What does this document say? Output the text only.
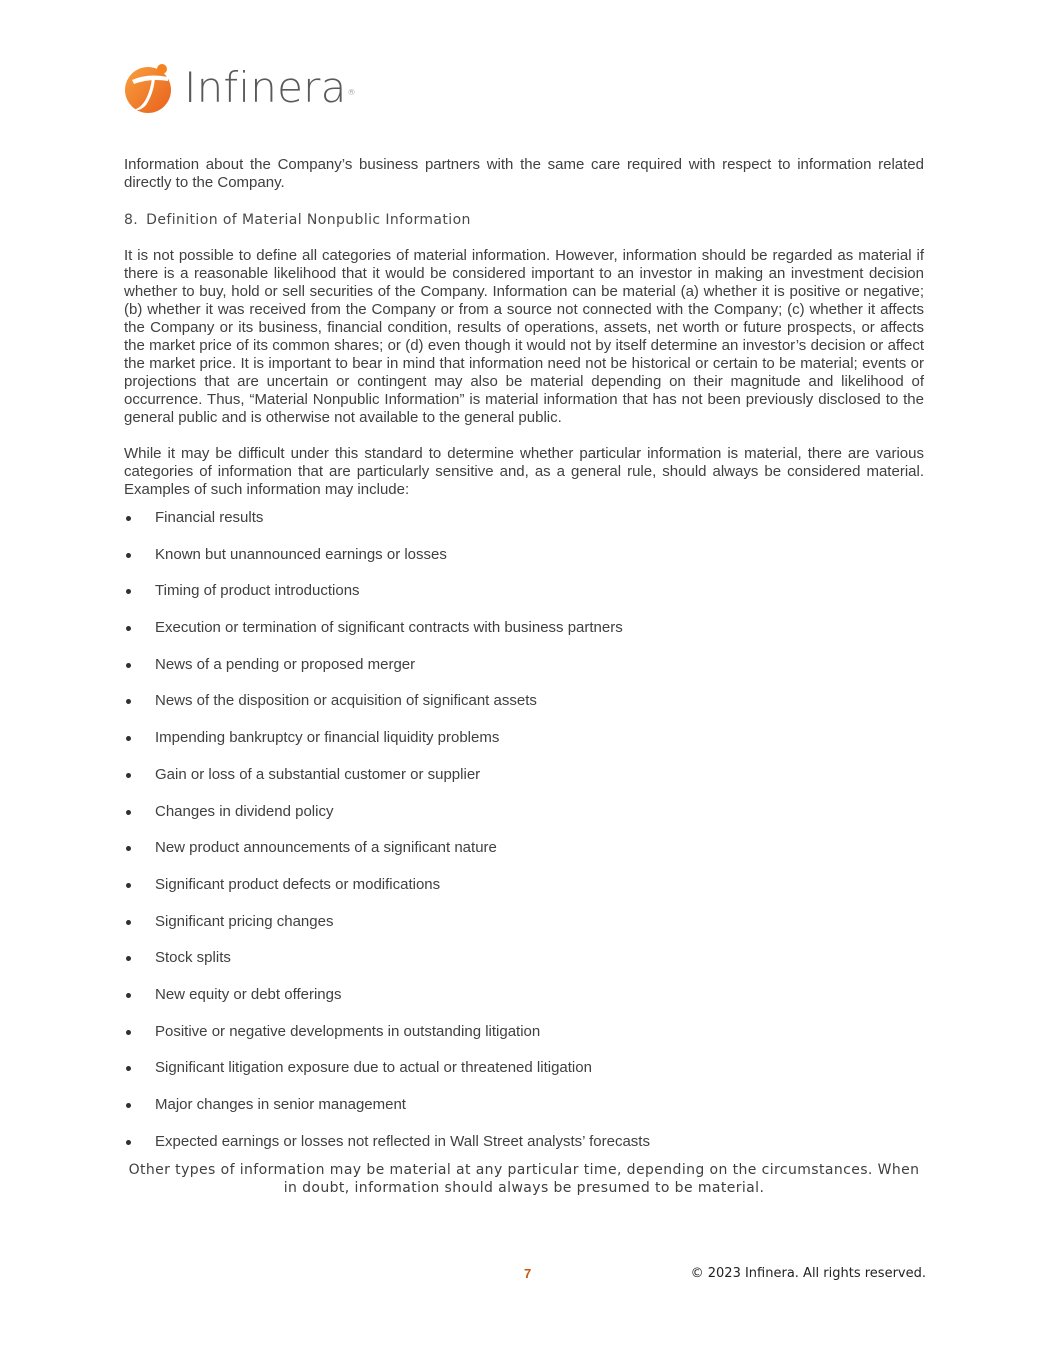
Infinera®

Information about the Company’s business partners with the same care required with respect to information related directly to the Company.

8. Definition of Material Nonpublic Information

It is not possible to define all categories of material information. However, information should be regarded as material if there is a reasonable likelihood that it would be considered important to an investor in making an investment decision whether to buy, hold or sell securities of the Company. Information can be material (a) whether it is positive or negative; (b) whether it was received from the Company or from a source not connected with the Company; (c) whether it affects the Company or its business, financial condition, results of operations, assets, net worth or future prospects, or affects the market price of its common shares; or (d) even though it would not by itself determine an investor’s decision or affect the market price. It is important to bear in mind that information need not be historical or certain to be material; events or projections that are uncertain or contingent may also be material depending on their magnitude and likelihood of occurrence. Thus, “Material Nonpublic Information” is material information that has not been previously disclosed to the general public and is otherwise not available to the general public.

While it may be difficult under this standard to determine whether particular information is material, there are various categories of information that are particularly sensitive and, as a general rule, should always be considered material. Examples of such information may include:

Financial results
Known but unannounced earnings or losses
Timing of product introductions
Execution or termination of significant contracts with business partners
News of a pending or proposed merger
News of the disposition or acquisition of significant assets
Impending bankruptcy or financial liquidity problems
Gain or loss of a substantial customer or supplier
Changes in dividend policy
New product announcements of a significant nature
Significant product defects or modifications
Significant pricing changes
Stock splits
New equity or debt offerings
Positive or negative developments in outstanding litigation
Significant litigation exposure due to actual or threatened litigation
Major changes in senior management
Expected earnings or losses not reflected in Wall Street analysts’ forecasts

Other types of information may be material at any particular time, depending on the circumstances. When in doubt, information should always be presumed to be material.

7	© 2023 Infinera. All rights reserved.
